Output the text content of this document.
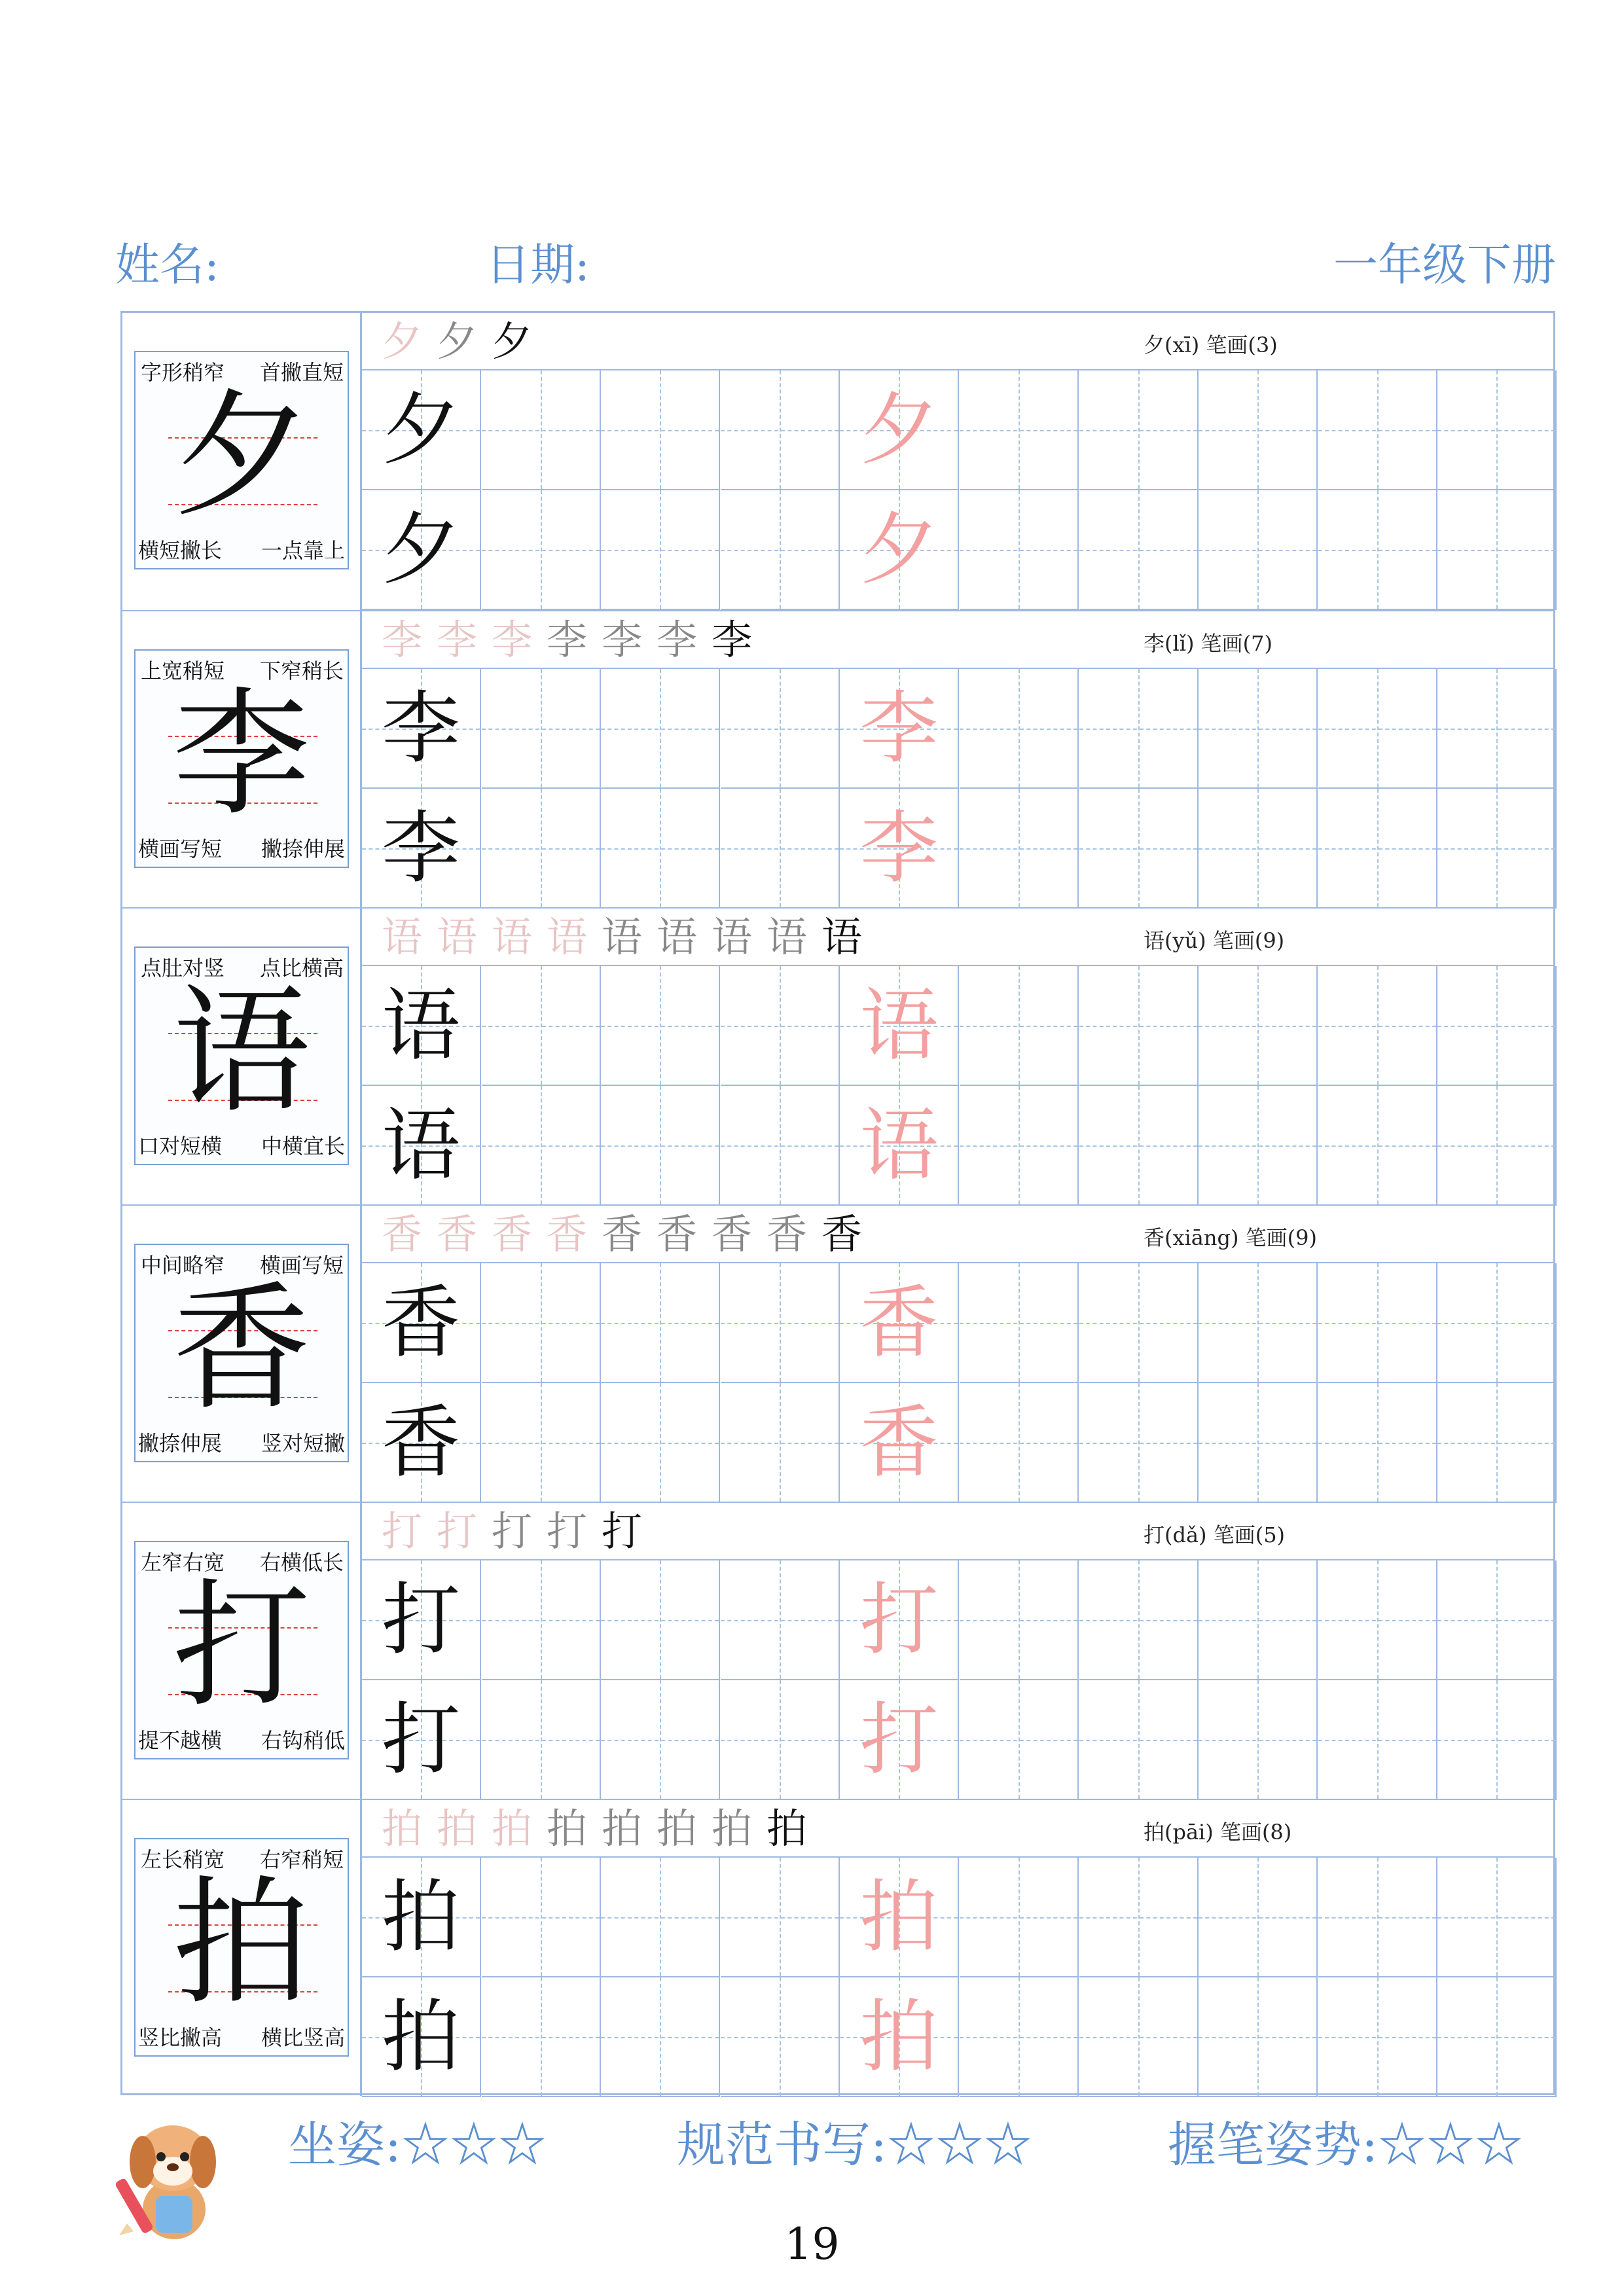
姓名:	日期:	一年级下册
夕
字形稍窄 首撇直短
横短撇长 一点靠上
夕 夕 夕	夕(xī) 笔画(3)
夕	夕
夕	夕
李
上宽稍短 下窄稍长
横画写短 撇捺伸展
李 李 李 李 李 李 李	李(lǐ) 笔画(7)
李	李
李	李
语
点肚对竖 点比横高
口对短横 中横宜长
语 语 语 语 语 语 语 语 语	语(yǔ) 笔画(9)
语	语
语	语
香
中间略窄 横画写短
撇捺伸展 竖对短撇
香 香 香 香 香 香 香 香 香	香(xiāng) 笔画(9)
香	香
香	香
打
左窄右宽 右横低长
提不越横 右钩稍低
打 打 打 打 打	打(dǎ) 笔画(5)
打	打
打	打
拍
左长稍宽 右窄稍短
竖比撇高 横比竖高
拍 拍 拍 拍 拍 拍 拍 拍	拍(pāi) 笔画(8)
拍	拍
拍	拍
坐姿:☆☆☆	规范书写:☆☆☆	握笔姿势:☆☆☆
19
